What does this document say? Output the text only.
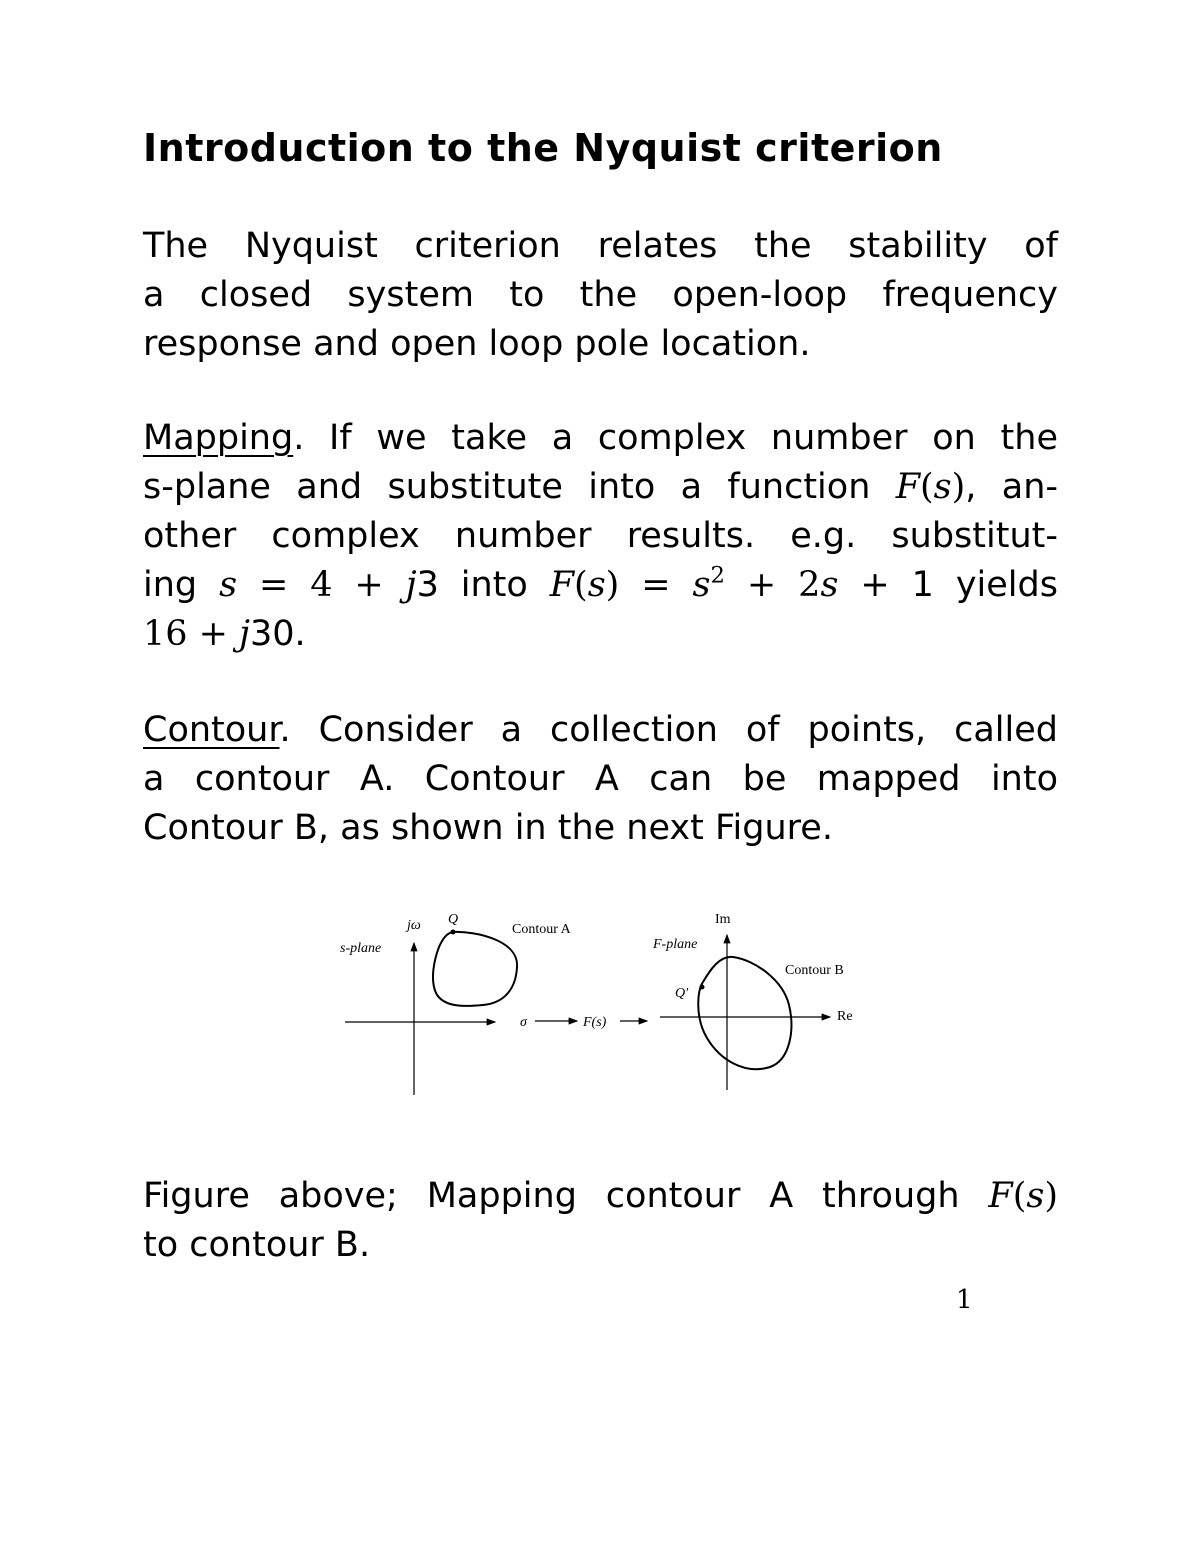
Introduction to the Nyquist criterion
The Nyquist criterion relates the stability of
a closed system to the open-loop frequency
response and open loop pole location.
Mapping. If we take a complex number on the
s-plane and substitute into a function F(s), an-
other complex number results. e.g. substitut-
ing s = 4 + j3 into $F(s) = s^2 + 2s + 1$ yields
16 + j30.
Contour. Consider a collection of points, called
a contour A. Contour A can be mapped into
Contour B, as shown in the next Figure.
s-plane
jω Q
Contour A
σ	F(s)
Im
F-plane
Contour B
Q′
Re
Figure above; Mapping contour A through F(s)
to contour B.
1
